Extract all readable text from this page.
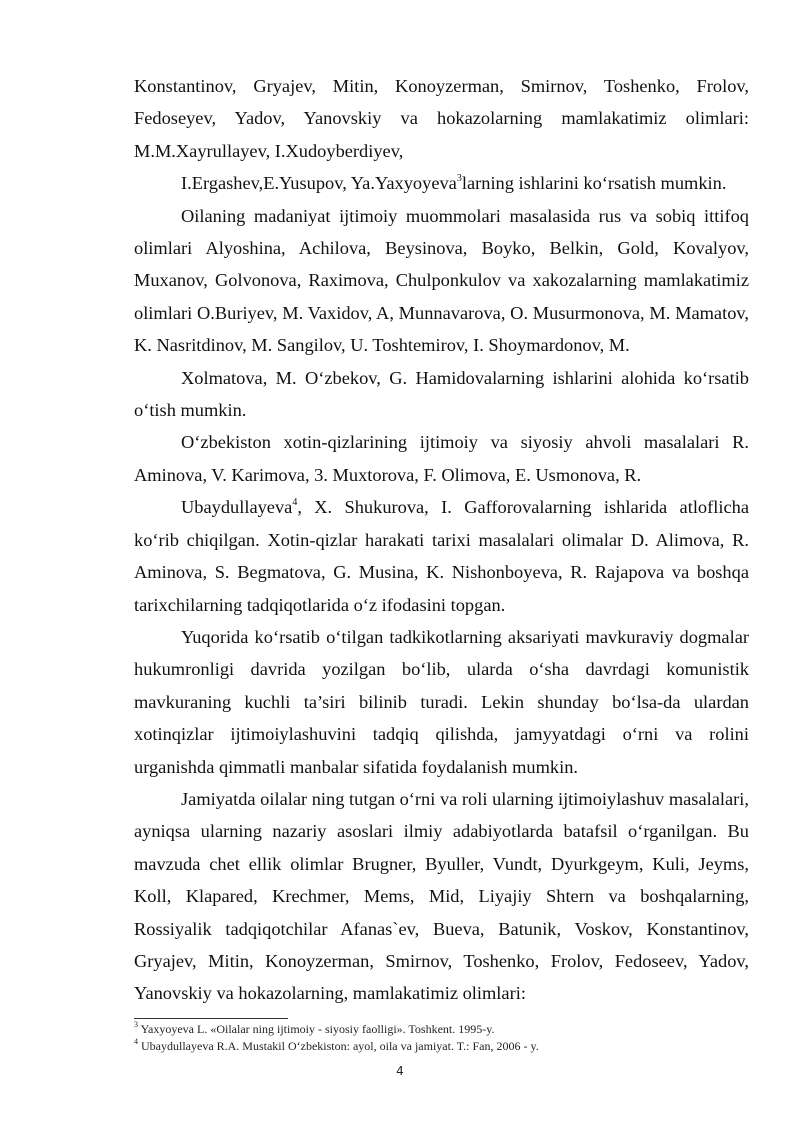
Konstantinov, Gryajev, Mitin, Konoyzerman, Smirnov, Toshenko, Frolov, Fedoseyev, Yadov, Yanovskiy va hokazolarning mamlakatimiz olimlari: M.M.Xayrullayev, I.Xudoyberdiyev,

I.Ergashev,E.Yusupov, Ya.Yaxyoyeva$^3$larning ishlarini ko‘rsatish mumkin.

Oilaning madaniyat ijtimoiy muommolari masalasida rus va sobiq ittifoq olimlari Alyoshina, Achilova, Beysinova, Boyko, Belkin, Gold, Kovalyov, Muxanov, Golvonova, Raximova, Chulponkulov va xakozalarning mamlakatimiz olimlari O.Buriyev, M. Vaxidov, A, Munnavarova, O. Musurmonova, M. Mamatov, K. Nasritdinov, M. Sangilov, U. Toshtemirov, I. Shoymardonov, M.

Xolmatova, M. O‘zbekov, G. Hamidovalarning ishlarini alohida ko‘rsatib o‘tish mumkin.

O‘zbekiston xotin-qizlarining ijtimoiy va siyosiy ahvoli masalalari R. Aminova, V. Karimova, 3. Muxtorova, F. Olimova, E. Usmonova, R.

Ubaydullayeva$^4$, X. Shukurova, I. Gafforovalarning ishlarida atloflicha ko‘rib chiqilgan. Xotin-qizlar harakati tarixi masalalari olimalar D. Alimova, R. Aminova, S. Begmatova, G. Musina, K. Nishonboyeva, R. Rajapova va boshqa tarixchilarning tadqiqotlarida o‘z ifodasini topgan.

Yuqorida ko‘rsatib o‘tilgan tadkikotlarning aksariyati mavkuraviy dogmalar hukumronligi davrida yozilgan bo‘lib, ularda o‘sha davrdagi komunistik mavkuraning kuchli ta’siri bilinib turadi. Lekin shunday bo‘lsa-da ulardan xotinqizlar ijtimoiylashuvini tadqiq qilishda, jamyyatdagi o‘rni va rolini urganishda qimmatli manbalar sifatida foydalanish mumkin.

Jamiyatda oilalar ning tutgan o‘rni va roli ularning ijtimoiylashuv masalalari, ayniqsa ularning nazariy asoslari ilmiy adabiyotlarda batafsil o‘rganilgan. Bu mavzuda chet ellik olimlar Brugner, Byuller, Vundt, Dyurkgeym, Kuli, Jeyms, Koll, Klapared, Krechmer, Mems, Mid, Liyajiy Shtern va boshqalarning, Rossiyalik tadqiqotchilar Afanas`ev, Bueva, Batunik, Voskov, Konstantinov, Gryajev, Mitin, Konoyzerman, Smirnov, Toshenko, Frolov, Fedoseev, Yadov, Yanovskiy va hokazolarning, mamlakatimiz olimlari:

$^3$ Yaxyoyeva L. «Oilalar ning ijtimoiy - siyosiy faolligi». Toshkent. 1995-y.

$^4$ Ubaydullayeva R.A. Mustakil O‘zbekiston: ayol, oila va jamiyat. T.: Fan, 2006 - y.

4
